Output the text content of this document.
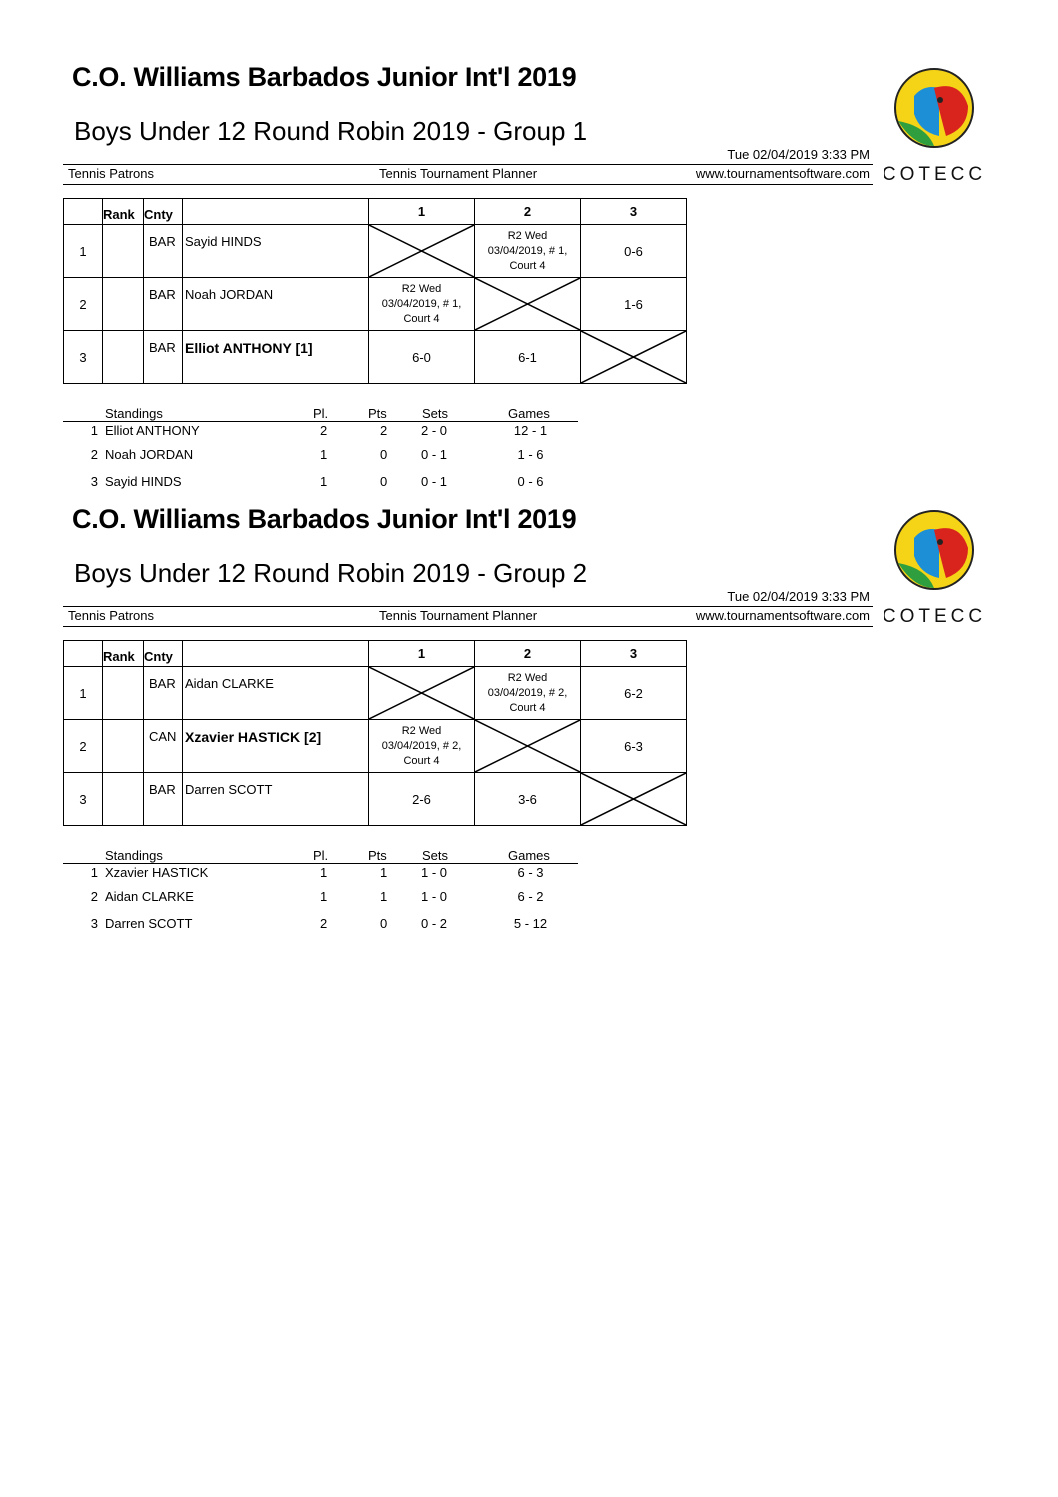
C.O. Williams Barbados Junior Int'l 2019
Boys Under 12 Round Robin 2019 - Group 1
Tue 02/04/2019 3:33 PM
Tennis Patrons	Tennis Tournament Planner	www.tournamentsoftware.com COTECC

	Rank	Cnty		1	2	3
1		BAR	Sayid HINDS		R2 Wed
03/04/2019, # 1,
Court 4	0-6
2		BAR	Noah JORDAN	R2 Wed
03/04/2019, # 1,
Court 4		1-6
3		BAR	Elliot ANTHONY [1]	6-0	6-1	
Standings	Pl.	Pts	Sets	Games
1 Elliot ANTHONY	2	2	2 - 0	12 - 1
2 Noah JORDAN	1	0	0 - 1	1 - 6
3 Sayid HINDS	1	0	0 - 1	0 - 6
C.O. Williams Barbados Junior Int'l 2019
Boys Under 12 Round Robin 2019 - Group 2
Tue 02/04/2019 3:33 PM
Tennis Patrons	Tennis Tournament Planner	www.tournamentsoftware.com COTECC

	Rank	Cnty		1	2	3
1		BAR	Aidan CLARKE		R2 Wed
03/04/2019, # 2,
Court 4	6-2
2		CAN	Xzavier HASTICK [2]	R2 Wed
03/04/2019, # 2,
Court 4		6-3
3		BAR	Darren SCOTT	2-6	3-6	
Standings	Pl.	Pts	Sets	Games
1 Xzavier HASTICK	1	1	1 - 0	6 - 3
2 Aidan CLARKE	1	1	1 - 0	6 - 2
3 Darren SCOTT	2	0	0 - 2	5 - 12
